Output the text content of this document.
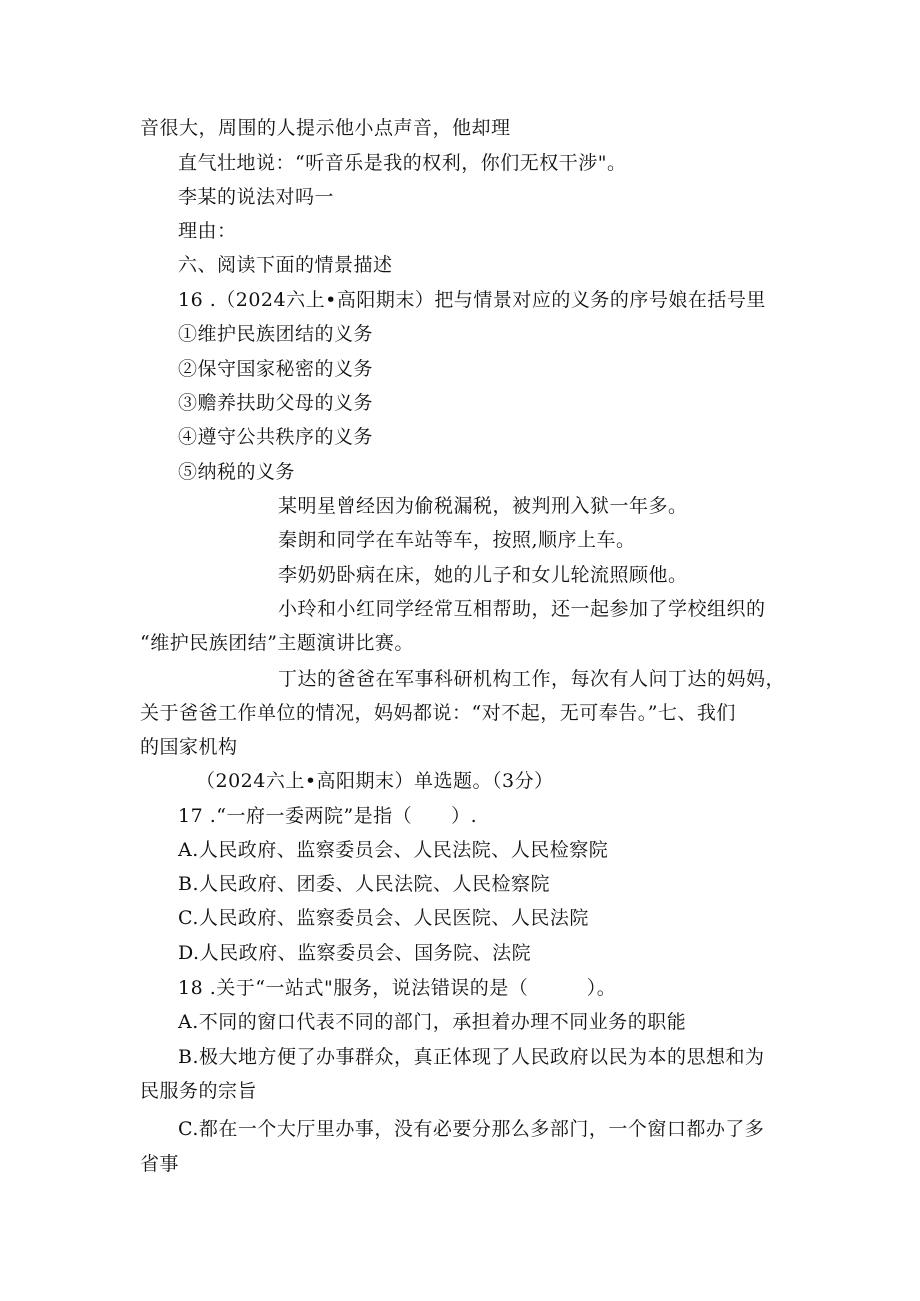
音很大，周围的人提示他小点声音，他却理
直气壮地说：“听音乐是我的权利，你们无权干涉"。
李某的说法对吗一
理由：
六、阅读下面的情景描述
16 .（2024六上•高阳期末）把与情景对应的义务的序号娘在括号里
①维护民族团结的义务
②保守国家秘密的义务
③赡养扶助父母的义务
④遵守公共秩序的义务
⑤纳税的义务
某明星曾经因为偷税漏税，被判刑入狱一年多。
秦朗和同学在车站等车，按照,顺序上车。
李奶奶卧病在床，她的儿子和女儿轮流照顾他。
小玲和小红同学经常互相帮助，还一起参加了学校组织的
“维护民族团结”主题演讲比赛。
丁达的爸爸在军事科研机构工作，每次有人问丁达的妈妈，
关于爸爸工作单位的情况，妈妈都说：“对不起，无可奉告。”七、我们
的国家机构
（2024六上•高阳期末）单选题。（3分）
17 .“一府一委两院”是指（　　）.
A.人民政府、监察委员会、人民法院、人民检察院
B.人民政府、团委、人民法院、人民检察院
C.人民政府、监察委员会、人民医院、人民法院
D.人民政府、监察委员会、国务院、法院
18 .关于“一站式"服务，说法错误的是（　　　）。
A.不同的窗口代表不同的部门，承担着办理不同业务的职能
B.极大地方便了办事群众，真正体现了人民政府以民为本的思想和为
民服务的宗旨
C.都在一个大厅里办事，没有必要分那么多部门，一个窗口都办了多
省事
